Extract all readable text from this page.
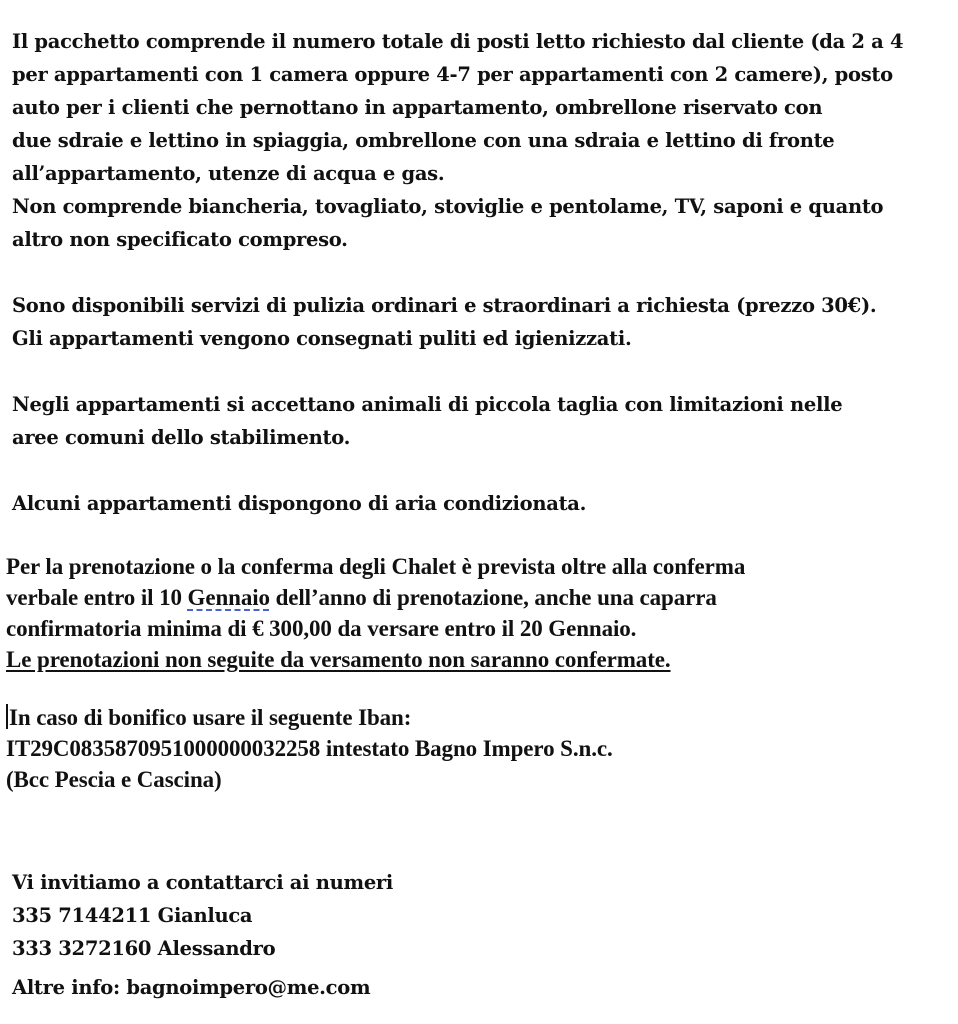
Il pacchetto comprende il numero totale di posti letto richiesto dal cliente (da 2 a 4
per appartamenti con 1 camera oppure 4-7 per appartamenti con 2 camere), posto
auto per i clienti che pernottano in appartamento, ombrellone riservato con
due sdraie e lettino in spiaggia, ombrellone con una sdraia e lettino di fronte
all’appartamento, utenze di acqua e gas.
Non comprende biancheria, tovagliato, stoviglie e pentolame, TV, saponi e quanto
altro non specificato compreso.
Sono disponibili servizi di pulizia ordinari e straordinari a richiesta (prezzo 30€).
Gli appartamenti vengono consegnati puliti ed igienizzati.
Negli appartamenti si accettano animali di piccola taglia con limitazioni nelle
aree comuni dello stabilimento.
Alcuni appartamenti dispongono di aria condizionata.
Per la prenotazione o la conferma degli Chalet è prevista oltre alla conferma
verbale entro il 10 Gennaio dell’anno di prenotazione, anche una caparra
confirmatoria minima di € 300,00 da versare entro il 20 Gennaio.
Le prenotazioni non seguite da versamento non saranno confermate.
In caso di bonifico usare il seguente Iban:
IT29C0835870951000000032258 intestato Bagno Impero S.n.c.
(Bcc Pescia e Cascina)
Vi invitiamo a contattarci ai numeri
335 7144211 Gianluca
333 3272160 Alessandro
Altre info: bagnoimpero@me.com
